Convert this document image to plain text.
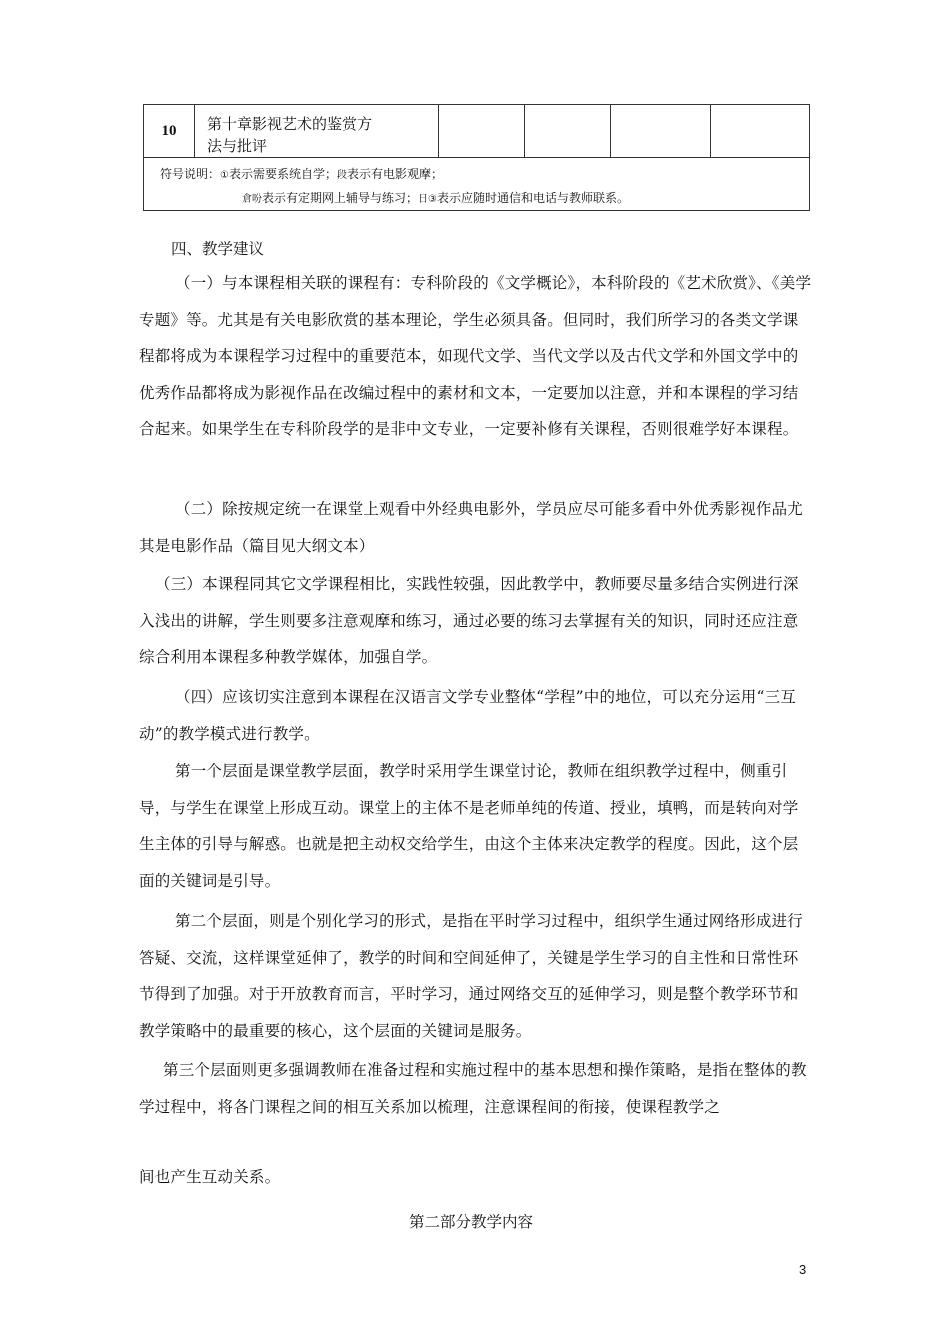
10	第十章影视艺术的鉴赏方
法与批评
符号说明：①表示需要系统自学；段表示有电影观摩；
倉吩表示有定期网上辅导与练习；日③表示应随时通信和电话与教师联系。

四、教学建议

（一）与本课程相关联的课程有：专科阶段的《文学概论》，本科阶段的《艺术欣赏》、《美学专题》等。尤其是有关电影欣赏的基本理论，学生必须具备。但同时，我们所学习的各类文学课程都将成为本课程学习过程中的重要范本，如现代文学、当代文学以及古代文学和外国文学中的优秀作品都将成为影视作品在改编过程中的素材和文本，一定要加以注意，并和本课程的学习结合起来。如果学生在专科阶段学的是非中文专业，一定要补修有关课程，否则很难学好本课程。

（二）除按规定统一在课堂上观看中外经典电影外，学员应尽可能多看中外优秀影视作品尤其是电影作品（篇目见大纲文本）

（三）本课程同其它文学课程相比，实践性较强，因此教学中，教师要尽量多结合实例进行深入浅出的讲解，学生则要多注意观摩和练习，通过必要的练习去掌握有关的知识，同时还应注意综合利用本课程多种教学媒体，加强自学。

（四）应该切实注意到本课程在汉语言文学专业整体“学程”中的地位，可以充分运用“三互动”的教学模式进行教学。

第一个层面是课堂教学层面，教学时采用学生课堂讨论，教师在组织教学过程中，侧重引导，与学生在课堂上形成互动。课堂上的主体不是老师单纯的传道、授业，填鸭，而是转向对学生主体的引导与解惑。也就是把主动权交给学生，由这个主体来决定教学的程度。因此，这个层面的关键词是引导。

第二个层面，则是个别化学习的形式，是指在平时学习过程中，组织学生通过网络形成进行答疑、交流，这样课堂延伸了，教学的时间和空间延伸了，关键是学生学习的自主性和日常性环节得到了加强。对于开放教育而言，平时学习，通过网络交互的延伸学习，则是整个教学环节和教学策略中的最重要的核心，这个层面的关键词是服务。

第三个层面则更多强调教师在准备过程和实施过程中的基本思想和操作策略，是指在整体的教学过程中，将各门课程之间的相互关系加以梳理，注意课程间的衔接，使课程教学之

间也产生互动关系。

第二部分教学内容

3
